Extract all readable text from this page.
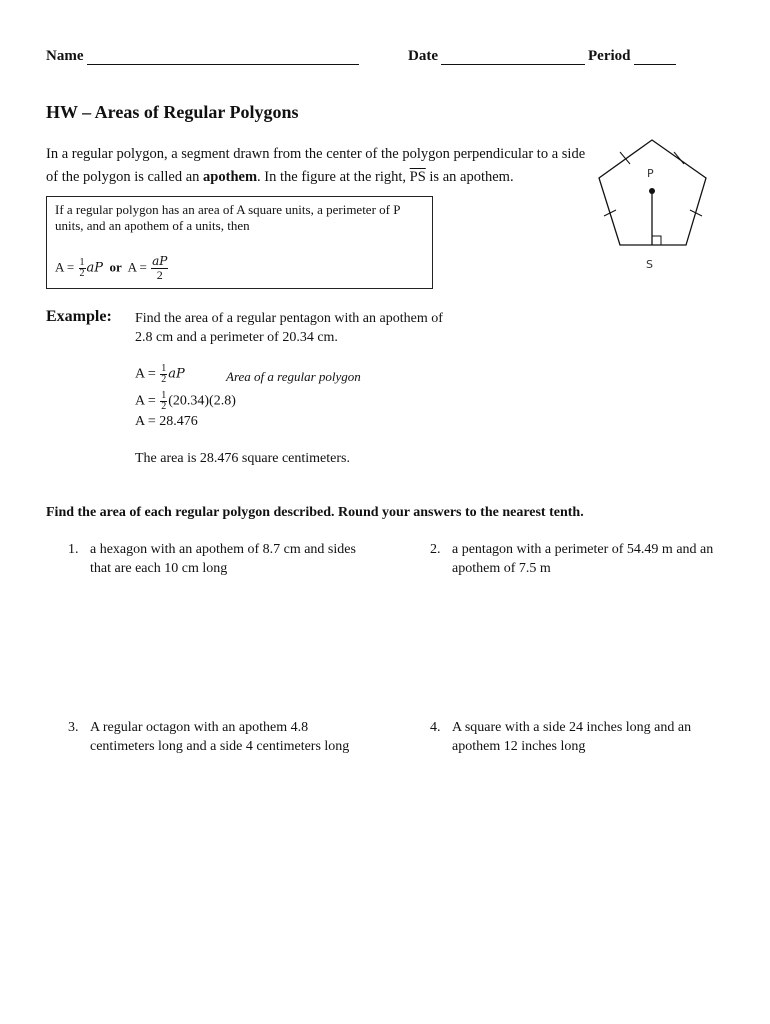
Name	Date	Period
HW – Areas of Regular Polygons
In a regular polygon, a segment drawn from the center of the polygon perpendicular to a side of the polygon is called an apothem. In the figure at the right, $\overline{PS}$ is an apothem.	P
S
If a regular polygon has an area of A square units, a perimeter of P units, and an apothem of a units, then
$A = \frac{1}{2}$ aP or $A = \frac{aP}{2}$
Example: Find the area of a regular pentagon with an apothem of 2.8 cm and a perimeter of 20.34 cm.
$A = \frac{1}{2}$ aP	Area of a regular polygon
$A = \frac{1}{2} (20.34)(2.8)$
A = 28.476
The area is 28.476 square centimeters.
Find the area of each regular polygon described. Round your answers to the nearest tenth.
1. a hexagon with an apothem of 8.7 cm and sides that are each 10 cm long
2. a pentagon with a perimeter of 54.49 m and an apothem of 7.5 m
3. A regular octagon with an apothem 4.8 centimeters long and a side 4 centimeters long
4. A square with a side 24 inches long and an apothem 12 inches long
